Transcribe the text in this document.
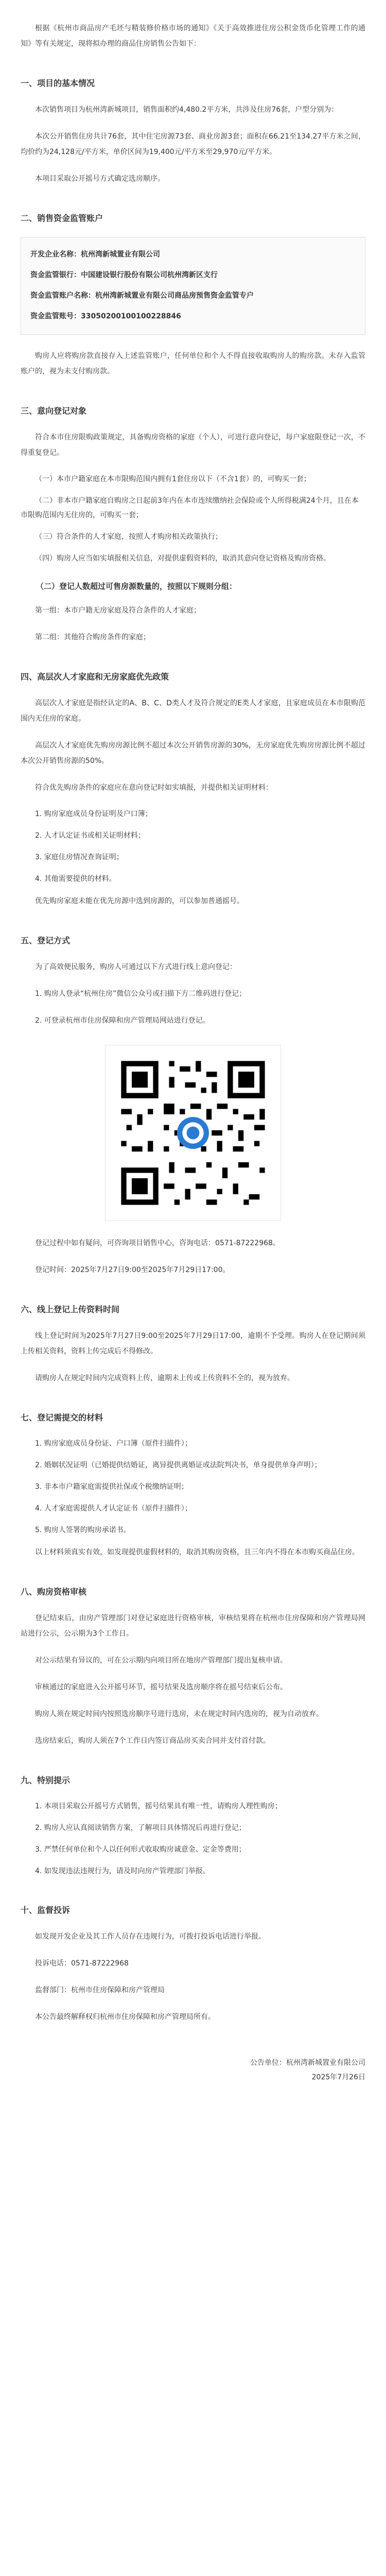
根据《杭州市商品房产毛坯与精装修价格市场的通知》《关于高效推进住房公积金货币化管理工作的通知》等有关规定，现将拟办理的商品住房销售公告如下：

一、项目的基本情况

本次销售项目为杭州湾新城项目，销售面积约4,480.2平方米，共涉及住房76套，户型分别为：

本次公开销售住房共计76套，其中住宅房源73套、商业房源3套；面积在66.21至134.27平方米之间，均价约为24,128元/平方米，单价区间为19,400元/平方米至29,970元/平方米。

本项目采取公开摇号方式确定选房顺序。

二、销售资金监管账户

开发企业名称：杭州湾新城置业有限公司

资金监管银行：中国建设银行股份有限公司杭州湾新区支行

资金监管账户名称：杭州湾新城置业有限公司商品房预售资金监管专户

资金监管账号：33050200100100228846

购房人应将购房款直接存入上述监管账户，任何单位和个人不得直接收取购房人的购房款。未存入监管账户的，视为未支付购房款。

三、意向登记对象

符合本市住房限购政策规定，具备购房资格的家庭（个人），可进行意向登记，每户家庭限登记一次，不得重复登记。

（一）本市户籍家庭在本市限购范围内拥有1套住房以下（不含1套）的，可购买一套；

（二）非本市户籍家庭自购房之日起前3年内在本市连续缴纳社会保险或个人所得税满24个月，且在本市限购范围内无住房的，可购买一套；

（三）符合条件的人才家庭，按照人才购房相关政策执行；

（四）购房人应当如实填报相关信息，对提供虚假资料的，取消其意向登记资格及购房资格。

（二）登记人数超过可售房源数量的，按照以下规则分组：

第一组：本市户籍无房家庭及符合条件的人才家庭；

第二组：其他符合购房条件的家庭；

四、高层次人才家庭和无房家庭优先政策

高层次人才家庭是指经认定的A、B、C、D类人才及符合规定的E类人才家庭，且家庭成员在本市限购范围内无住房的家庭。

高层次人才家庭优先购房房源比例不超过本次公开销售房源的30%，无房家庭优先购房房源比例不超过本次公开销售房源的50%。

符合优先购房条件的家庭应在意向登记时如实填报，并提供相关证明材料：

1. 购房家庭成员身份证明及户口簿；

2. 人才认定证书或相关证明材料；

3. 家庭住房情况查询证明；

4. 其他需要提供的材料。

优先购房家庭未能在优先房源中选到房源的，可以参加普通摇号。

五、登记方式

为了高效便民服务，购房人可通过以下方式进行线上意向登记：

1. 购房人登录“杭州住房”微信公众号或扫描下方二维码进行登记；

2. 可登录杭州市住房保障和房产管理局网站进行登记。

登记过程中如有疑问，可咨询项目销售中心，咨询电话：0571-87222968。

登记时间：2025年7月27日9:00至2025年7月29日17:00。

六、线上登记上传资料时间

线上登记时间为2025年7月27日9:00至2025年7月29日17:00，逾期不予受理。购房人在登记期间须上传相关资料，资料上传完成后不得修改。

请购房人在规定时间内完成资料上传，逾期未上传或上传资料不全的，视为放弃。

七、登记需提交的材料

1. 购房家庭成员身份证、户口簿（原件扫描件）；

2. 婚姻状况证明（已婚提供结婚证，离异提供离婚证或法院判决书，单身提供单身声明）；

3. 非本市户籍家庭需提供社保或个税缴纳证明；

4. 人才家庭需提供人才认定证书（原件扫描件）；

5. 购房人签署的购房承诺书。

以上材料须真实有效，如发现提供虚假材料的，取消其购房资格，且三年内不得在本市购买商品住房。

八、购房资格审核

登记结束后，由房产管理部门对登记家庭进行资格审核，审核结果将在杭州市住房保障和房产管理局网站进行公示，公示期为3个工作日。

对公示结果有异议的，可在公示期内向项目所在地房产管理部门提出复核申请。

审核通过的家庭进入公开摇号环节，摇号结果及选房顺序将在摇号结束后公布。

购房人须在规定时间内按照选房顺序号进行选房，未在规定时间内选房的，视为自动放弃。

选房结束后，购房人须在7个工作日内签订商品房买卖合同并支付首付款。

九、特别提示

1. 本项目采取公开摇号方式销售，摇号结果具有唯一性，请购房人理性购房；

2. 购房人应认真阅读销售方案，了解项目具体情况后再进行登记；

3. 严禁任何单位和个人以任何形式收取购房诚意金、定金等费用；

4. 如发现违法违规行为，请及时向房产管理部门举报。

十、监督投诉

如发现开发企业及其工作人员存在违规行为，可拨打投诉电话进行举报。

投诉电话：0571-87222968

监督部门：杭州市住房保障和房产管理局

本公告最终解释权归杭州市住房保障和房产管理局所有。

公告单位：杭州湾新城置业有限公司
2025年7月26日
